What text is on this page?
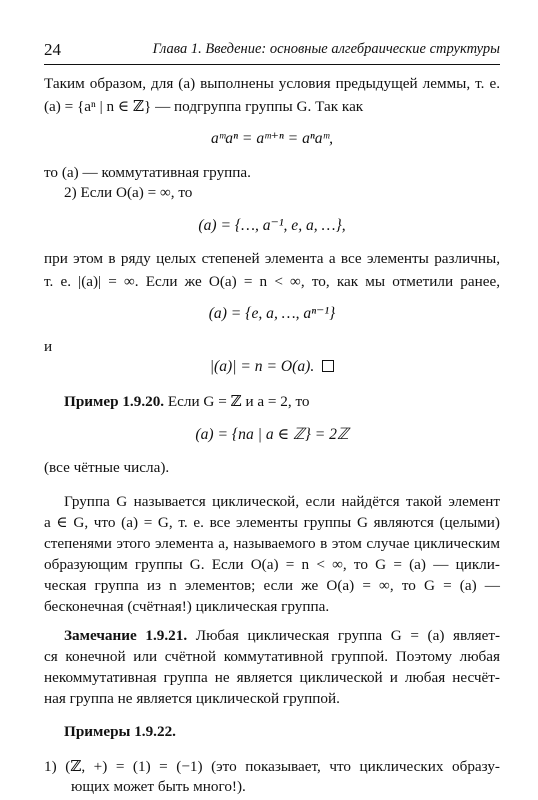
24	Глава 1. Введение: основные алгебраические структуры
Таким образом, для (a) выполнены условия предыдущей леммы, т. е.
(a) = {aⁿ | n ∈ ℤ} — подгруппа группы G. Так как
aᵐaⁿ = aᵐ⁺ⁿ = aⁿaᵐ,
то (a) — коммутативная группа.
2) Если O(a) = ∞, то
(a) = {…, a⁻¹, e, a, …},
при этом в ряду целых степеней элемента a все элементы различны,
т. е. |(a)| = ∞. Если же O(a) = n < ∞, то, как мы отметили ранее,
(a) = {e, a, …, aⁿ⁻¹}
и
|(a)| = n = O(a).
Пример 1.9.20. Если G = ℤ и a = 2, то
(a) = {na | a ∈ ℤ} = 2ℤ
(все чётные числа).
Группа G называется циклической, если найдётся такой элемент
a ∈ G, что (a) = G, т. е. все элементы группы G являются (целыми)
степенями этого элемента a, называемого в этом случае циклическим
образующим группы G. Если O(a) = n < ∞, то G = (a) — цикли-
ческая группа из n элементов; если же O(a) = ∞, то G = (a) —
бесконечная (счётная!) циклическая группа.
Замечание 1.9.21. Любая циклическая группа G = (a) являет-
ся конечной или счётной коммутативной группой. Поэтому любая
некоммутативная группа не является циклической и любая несчёт-
ная группа не является циклической группой.
Примеры 1.9.22.
1) (ℤ, +) = (1) = (−1) (это показывает, что циклических образу-
ющих может быть много!).
